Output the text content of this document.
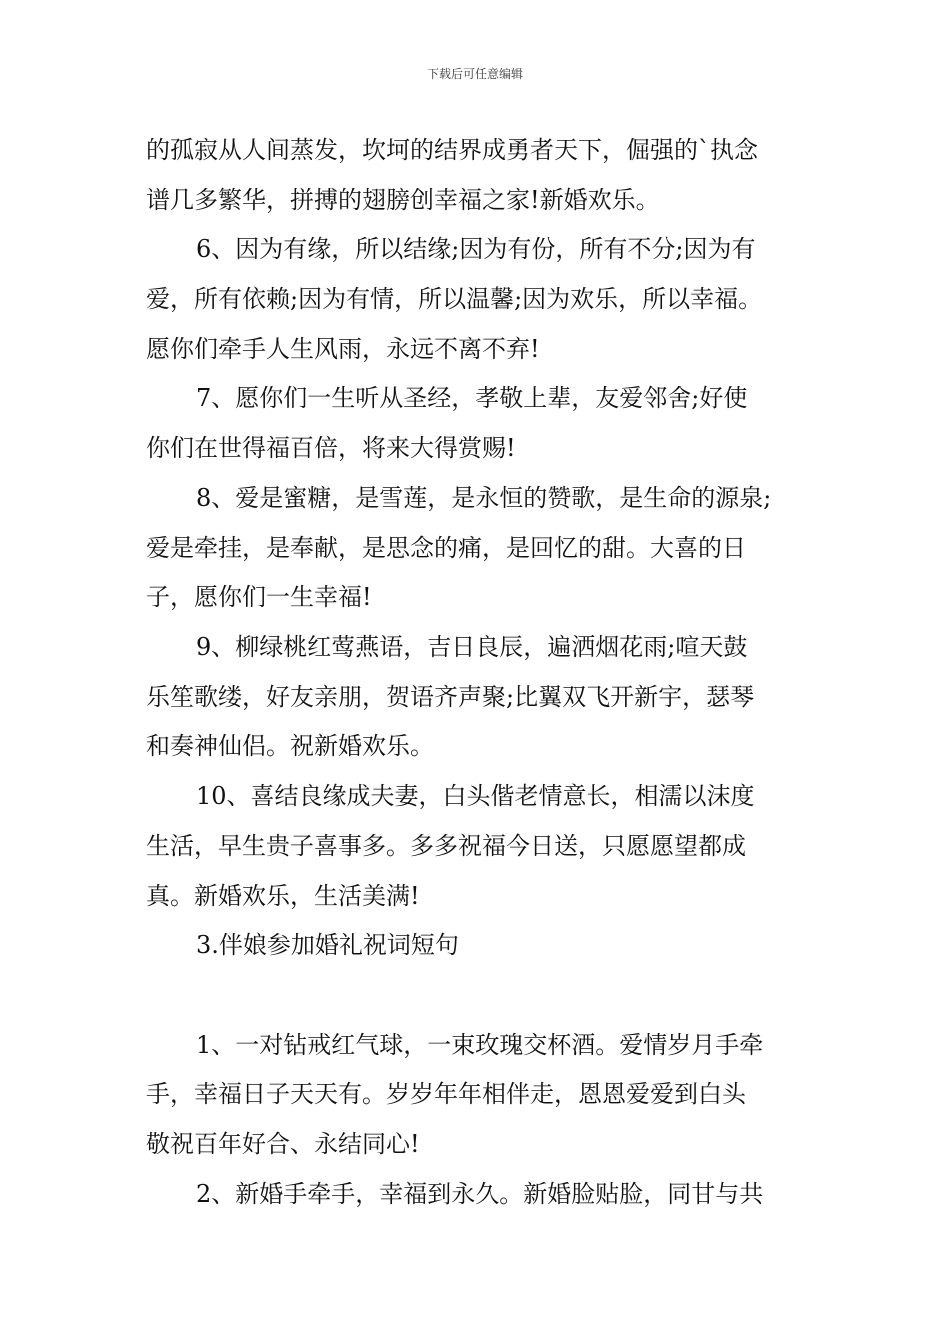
下载后可任意编辑
的孤寂从人间蒸发，坎坷的结界成勇者天下，倔强的`执念
谱几多繁华，拼搏的翅膀创幸福之家!新婚欢乐。
6、因为有缘，所以结缘;因为有份，所有不分;因为有
爱，所有依赖;因为有情，所以温馨;因为欢乐，所以幸福。
愿你们牵手人生风雨，永远不离不弃!
7、愿你们一生听从圣经，孝敬上辈，友爱邻舍;好使
你们在世得福百倍，将来大得赏赐!
8、爱是蜜糖，是雪莲，是永恒的赞歌，是生命的源泉;
爱是牵挂，是奉献，是思念的痛，是回忆的甜。大喜的日
子，愿你们一生幸福!
9、柳绿桃红莺燕语，吉日良辰，遍洒烟花雨;喧天鼓
乐笙歌缕，好友亲朋，贺语齐声聚;比翼双飞开新宇，瑟琴
和奏神仙侣。祝新婚欢乐。
10、喜结良缘成夫妻，白头偕老情意长，相濡以沫度
生活，早生贵子喜事多。多多祝福今日送，只愿愿望都成
真。新婚欢乐，生活美满!
3.伴娘参加婚礼祝词短句
1、一对钻戒红气球，一束玫瑰交杯酒。爱情岁月手牵
手，幸福日子天天有。岁岁年年相伴走，恩恩爱爱到白头
敬祝百年好合、永结同心!
2、新婚手牵手，幸福到永久。新婚脸贴脸，同甘与共
